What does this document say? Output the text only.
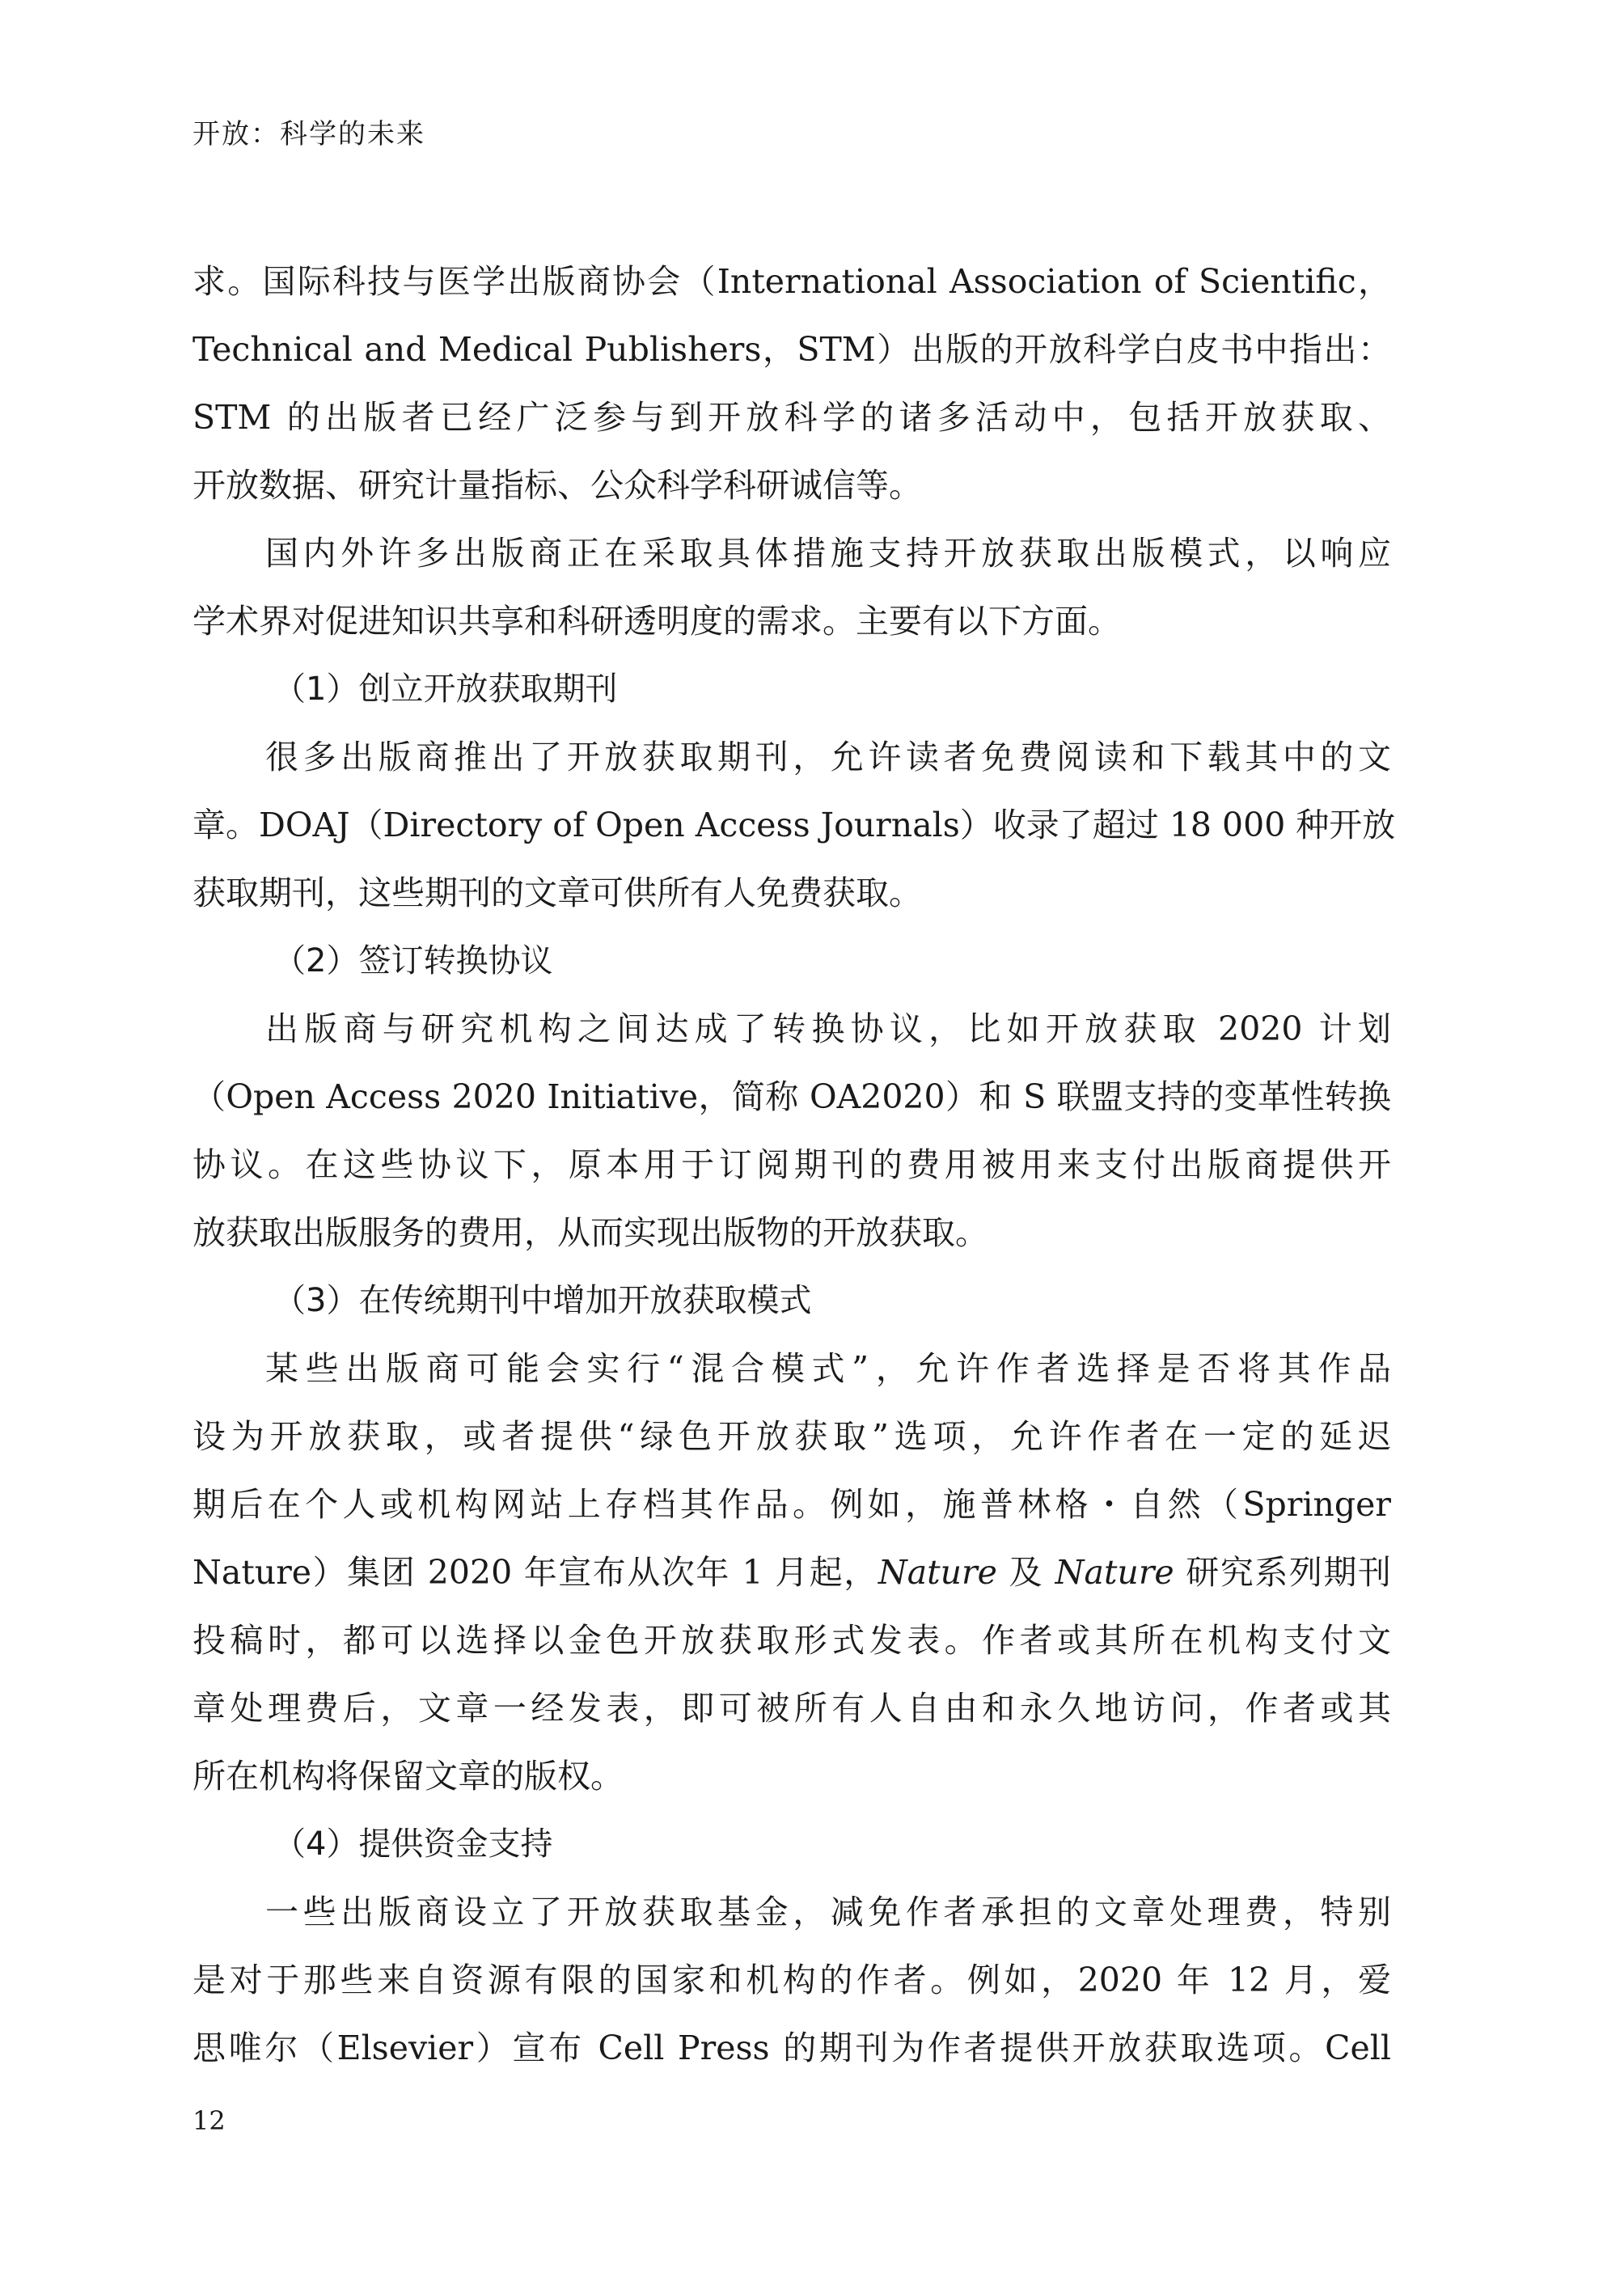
开放：科学的未来
求。国际科技与医学出版商协会（International Association of Scientific，
Technical and Medical Publishers，STM）出版的开放科学白皮书中指出：
STM 的出版者已经广泛参与到开放科学的诸多活动中，包括开放获取、
开放数据、研究计量指标、公众科学科研诚信等。
国内外许多出版商正在采取具体措施支持开放获取出版模式，以响应
学术界对促进知识共享和科研透明度的需求。主要有以下方面。
（1）创立开放获取期刊
很多出版商推出了开放获取期刊，允许读者免费阅读和下载其中的文
章。DOAJ（Directory of Open Access Journals）收录了超过 18 000 种开放
获取期刊，这些期刊的文章可供所有人免费获取。
（2）签订转换协议
出版商与研究机构之间达成了转换协议，比如开放获取 2020 计划
（Open Access 2020 Initiative，简称 OA2020）和 S 联盟支持的变革性转换
协议。在这些协议下，原本用于订阅期刊的费用被用来支付出版商提供开
放获取出版服务的费用，从而实现出版物的开放获取。
（3）在传统期刊中增加开放获取模式
某些出版商可能会实行“混合模式”，允许作者选择是否将其作品
设为开放获取，或者提供“绿色开放获取”选项，允许作者在一定的延迟
期后在个人或机构网站上存档其作品。例如，施普林格・自然（Springer
Nature）集团 2020 年宣布从次年 1 月起，Nature 及 Nature 研究系列期刊
投稿时，都可以选择以金色开放获取形式发表。作者或其所在机构支付文
章处理费后，文章一经发表，即可被所有人自由和永久地访问，作者或其
所在机构将保留文章的版权。
（4）提供资金支持
一些出版商设立了开放获取基金，减免作者承担的文章处理费，特别
是对于那些来自资源有限的国家和机构的作者。例如，2020 年 12 月，爱
思唯尔（Elsevier）宣布 Cell Press 的期刊为作者提供开放获取选项。Cell
12
